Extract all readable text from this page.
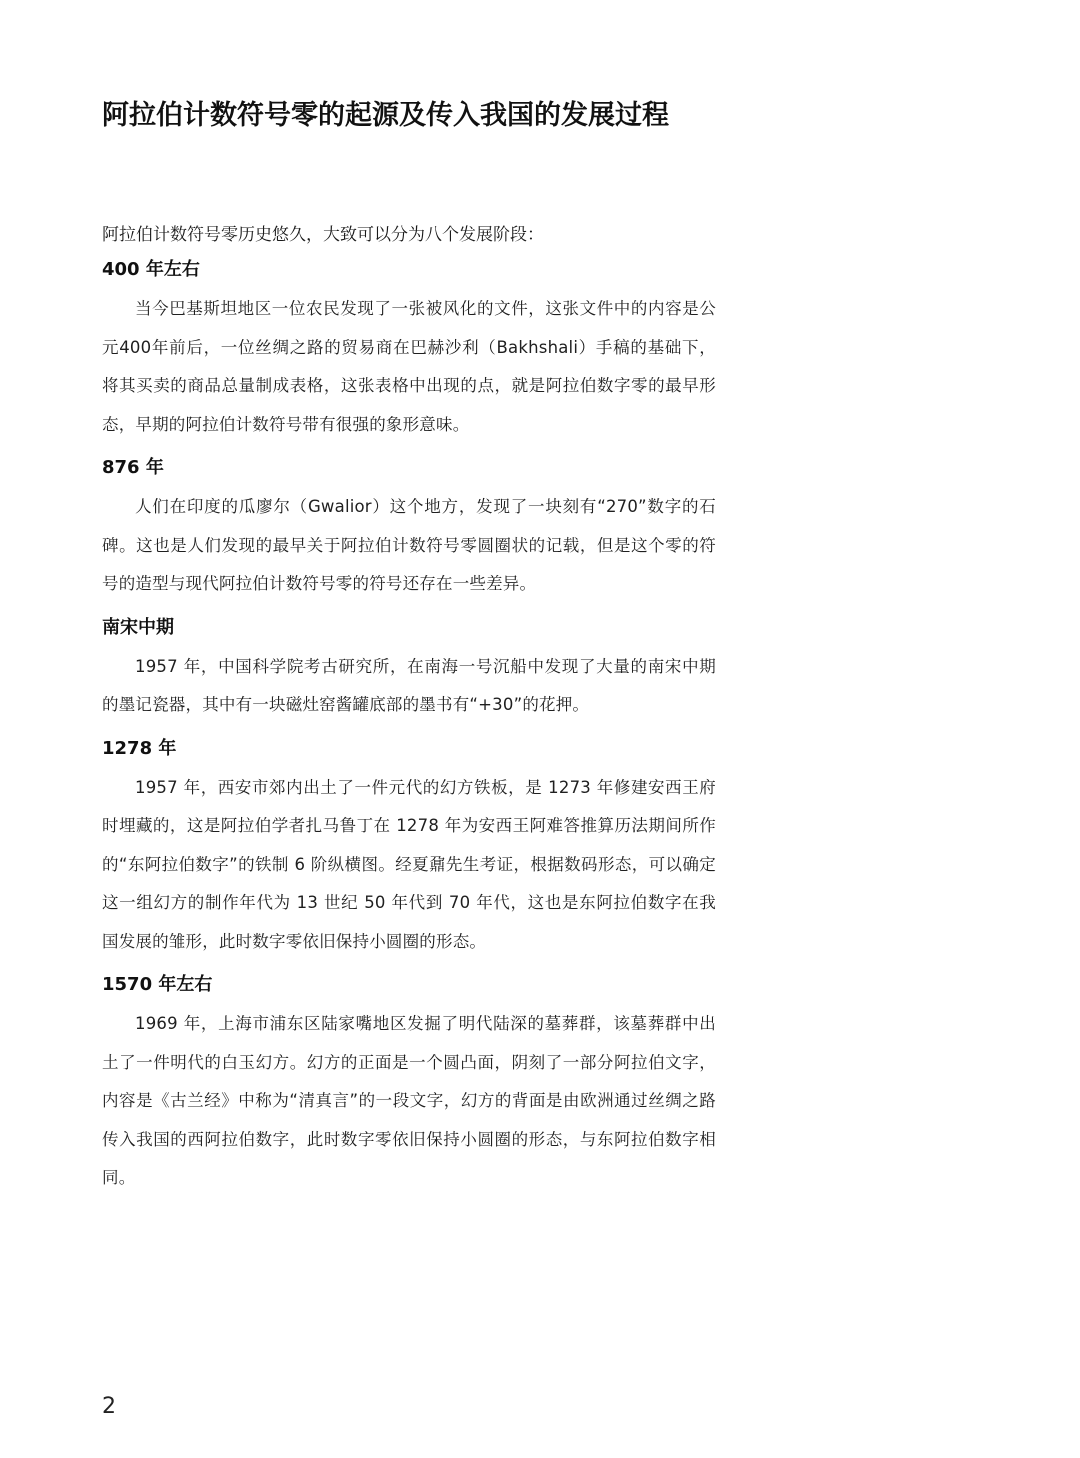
阿拉伯计数符号零的起源及传入我国的发展过程

阿拉伯计数符号零历史悠久，大致可以分为八个发展阶段：

400 年左右

当今巴基斯坦地区一位农民发现了一张被风化的文件，这张文件中的内容是公元400年前后，一位丝绸之路的贸易商在巴赫沙利（Bakhshali）手稿的基础下，将其买卖的商品总量制成表格，这张表格中出现的点，就是阿拉伯数字零的最早形态，早期的阿拉伯计数符号带有很强的象形意味。

876 年

人们在印度的瓜廖尔（Gwalior）这个地方，发现了一块刻有“270”数字的石碑。这也是人们发现的最早关于阿拉伯计数符号零圆圈状的记载，但是这个零的符号的造型与现代阿拉伯计数符号零的符号还存在一些差异。

南宋中期

1957 年，中国科学院考古研究所，在南海一号沉船中发现了大量的南宋中期的墨记瓷器，其中有一块磁灶窑酱罐底部的墨书有“+30”的花押。

1278 年

1957 年，西安市郊内出土了一件元代的幻方铁板，是 1273 年修建安西王府时埋藏的，这是阿拉伯学者扎马鲁丁在 1278 年为安西王阿难答推算历法期间所作的“东阿拉伯数字”的铁制 6 阶纵横图。经夏鼐先生考证，根据数码形态，可以确定这一组幻方的制作年代为 13 世纪 50 年代到 70 年代，这也是东阿拉伯数字在我国发展的雏形，此时数字零依旧保持小圆圈的形态。

1570 年左右

1969 年，上海市浦东区陆家嘴地区发掘了明代陆深的墓葬群，该墓葬群中出土了一件明代的白玉幻方。幻方的正面是一个圆凸面，阴刻了一部分阿拉伯文字，内容是《古兰经》中称为“清真言”的一段文字，幻方的背面是由欧洲通过丝绸之路传入我国的西阿拉伯数字，此时数字零依旧保持小圆圈的形态，与东阿拉伯数字相同。

2
